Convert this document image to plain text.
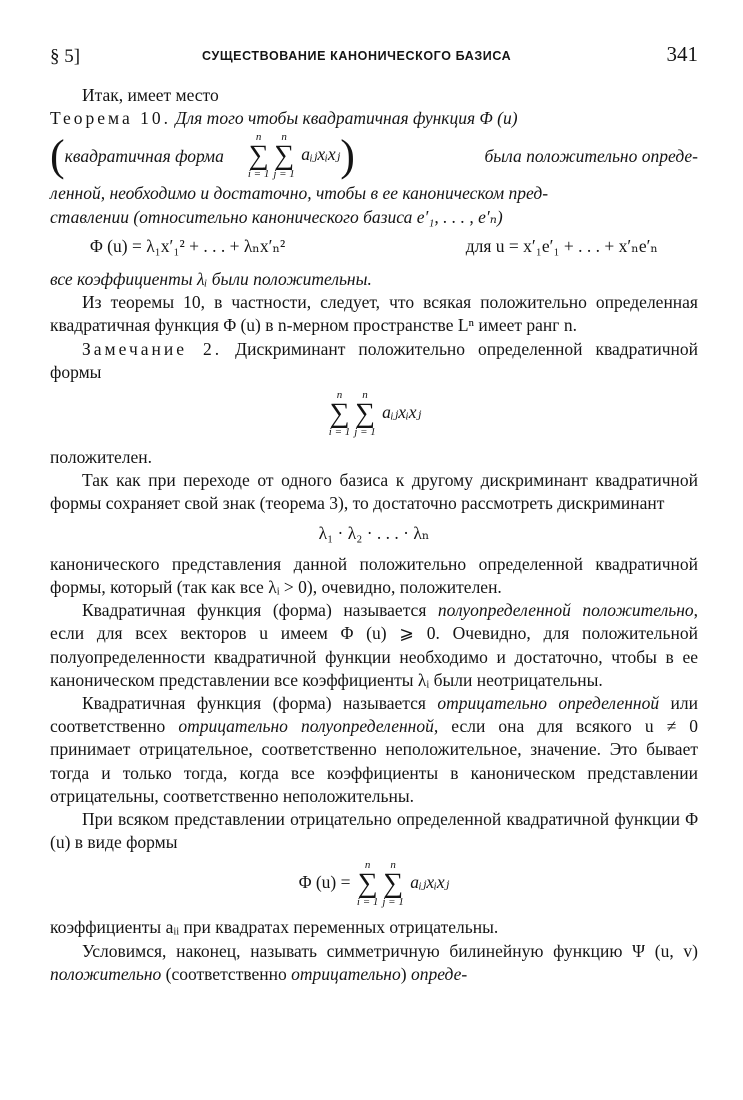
§ 5]	СУЩЕСТВОВАНИЕ КАНОНИЧЕСКОГО БАЗИСА	341

Итак, имеет место

Теорема 10. Для того чтобы квадратичная функция Φ (u)

( квадратичная форма
n
∑
i = 1
n
∑
j = 1
aᵢⱼxᵢxⱼ )	была положительно опреде-

ленной, необходимо и достаточно, чтобы в ее каноническом пред-

ставлении (относительно канонического базиса e′₁, . . . , e′ₙ)

Φ (u) = λ₁x′₁² + . . . + λₙx′ₙ²	для u = x′₁e′₁ + . . . + x′ₙe′ₙ

все коэффициенты λᵢ были положительны.

Из теоремы 10, в частности, следует, что всякая положительно определенная квадратичная функция Φ (u) в n-мерном пространстве Lⁿ имеет ранг n.

Замечание 2. Дискриминант положительно определенной квадратичной формы

n
∑
i = 1
n
∑
j = 1
aᵢⱼxᵢxⱼ

положителен.

Так как при переходе от одного базиса к другому дискриминант квадратичной формы сохраняет свой знак (теорема 3), то достаточно рассмотреть дискриминант

λ₁ · λ₂ · . . . · λₙ

канонического представления данной положительно определенной квадратичной формы, который (так как все λᵢ > 0), очевидно, положителен.

Квадратичная функция (форма) называется полуопределенной положительно, если для всех векторов u имеем Φ (u) ⩾ 0. Очевидно, для положительной полуопределенности квадратичной функции необходимо и достаточно, чтобы в ее каноническом представлении все коэффициенты λᵢ были неотрицательны.

Квадратичная функция (форма) называется отрицательно определенной или соответственно отрицательно полуопределенной, если она для всякого u ≠ 0 принимает отрицательное, соответственно неположительное, значение. Это бывает тогда и только тогда, когда все коэффициенты в каноническом представлении отрицательны, соответственно неположительны.

При всяком представлении отрицательно определенной квадратичной функции Φ (u) в виде формы

Φ (u) =
n
∑
i = 1
n
∑
j = 1
aᵢⱼxᵢxⱼ

коэффициенты aᵢᵢ при квадратах переменных отрицательны.

Условимся, наконец, называть симметричную билинейную функцию Ψ (u, v) положительно (соответственно отрицательно) опреде-
